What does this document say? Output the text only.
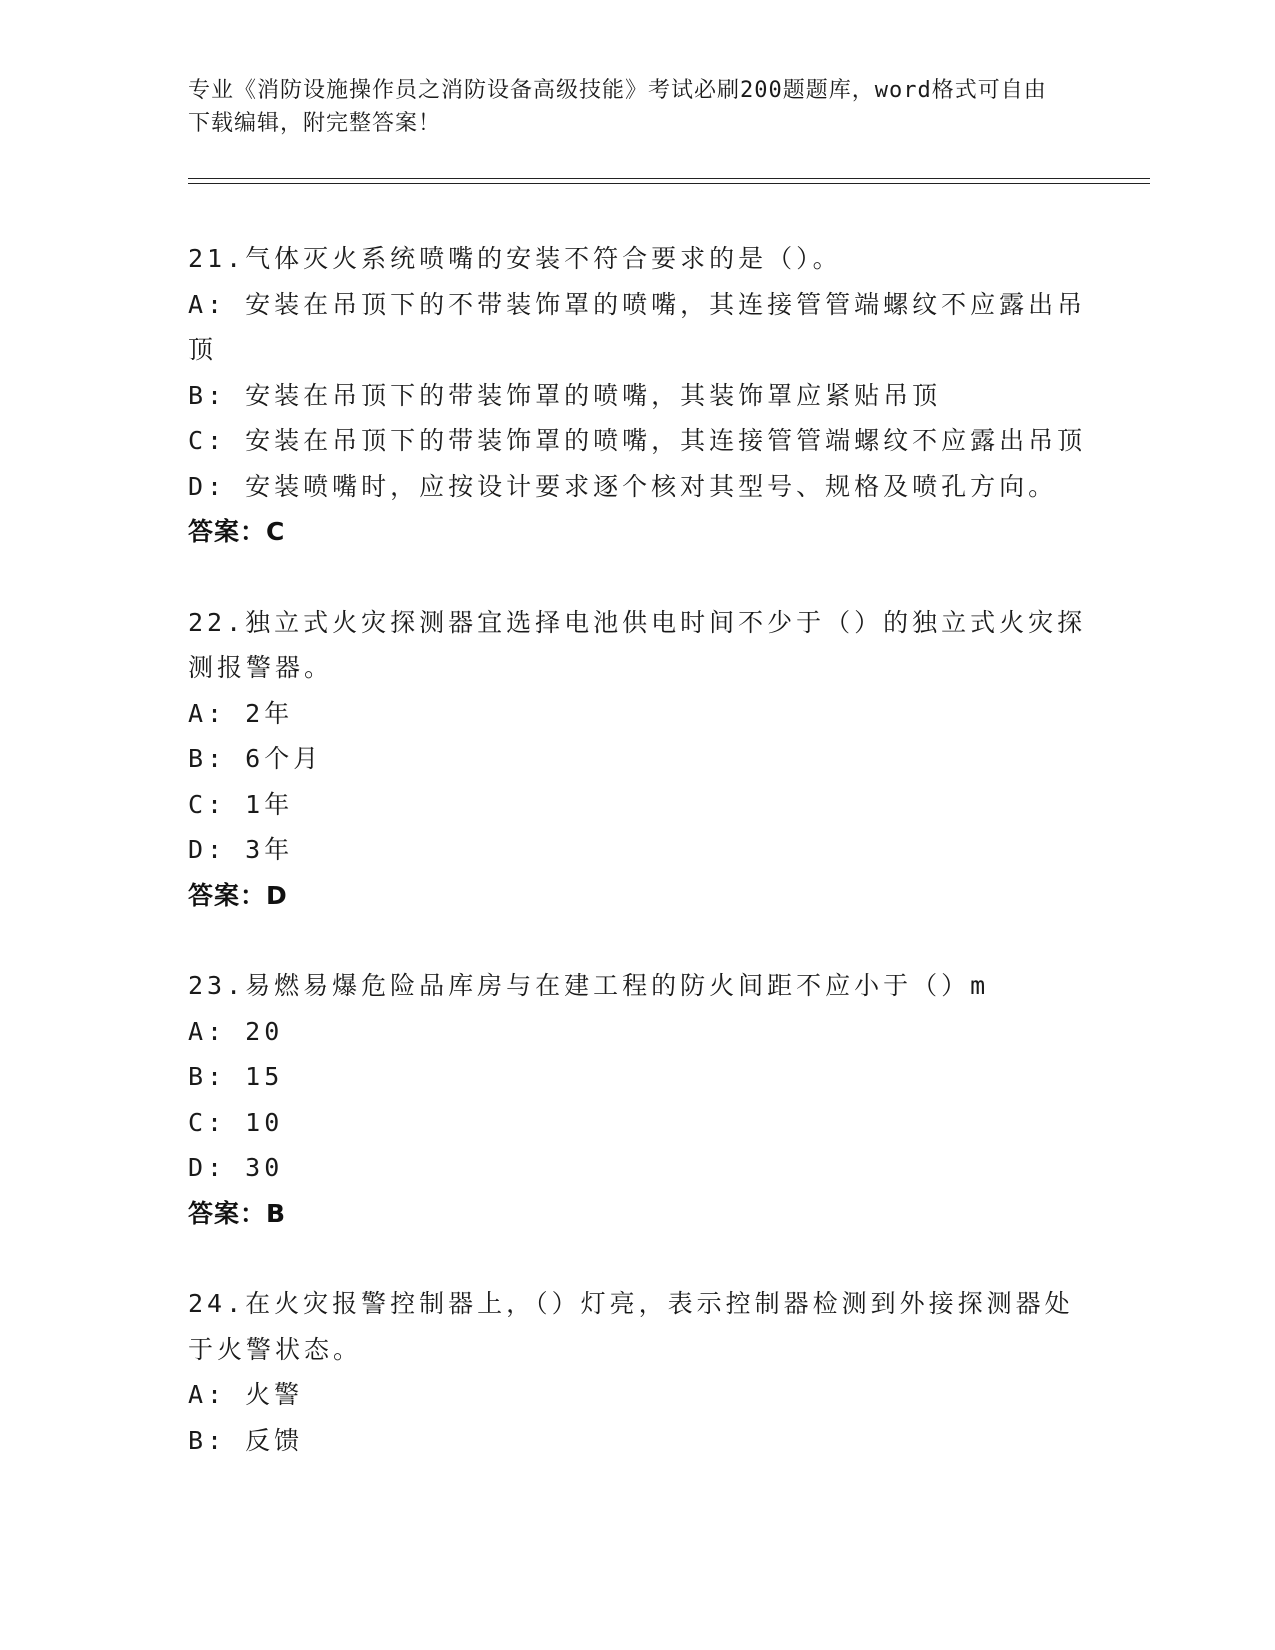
专业《消防设施操作员之消防设备高级技能》考试必刷200题题库，word格式可自由下载编辑，附完整答案！
21.气体灭火系统喷嘴的安装不符合要求的是（）。
A: 安装在吊顶下的不带装饰罩的喷嘴，其连接管管端螺纹不应露出吊顶
B: 安装在吊顶下的带装饰罩的喷嘴，其装饰罩应紧贴吊顶
C: 安装在吊顶下的带装饰罩的喷嘴，其连接管管端螺纹不应露出吊顶
D: 安装喷嘴时，应按设计要求逐个核对其型号、规格及喷孔方向。
答案：C
22.独立式火灾探测器宜选择电池供电时间不少于（）的独立式火灾探测报警器。
A: 2年
B: 6个月
C: 1年
D: 3年
答案：D
23.易燃易爆危险品库房与在建工程的防火间距不应小于（）m
A: 20
B: 15
C: 10
D: 30
答案：B
24.在火灾报警控制器上，（）灯亮，表示控制器检测到外接探测器处于火警状态。
A: 火警
B: 反馈
